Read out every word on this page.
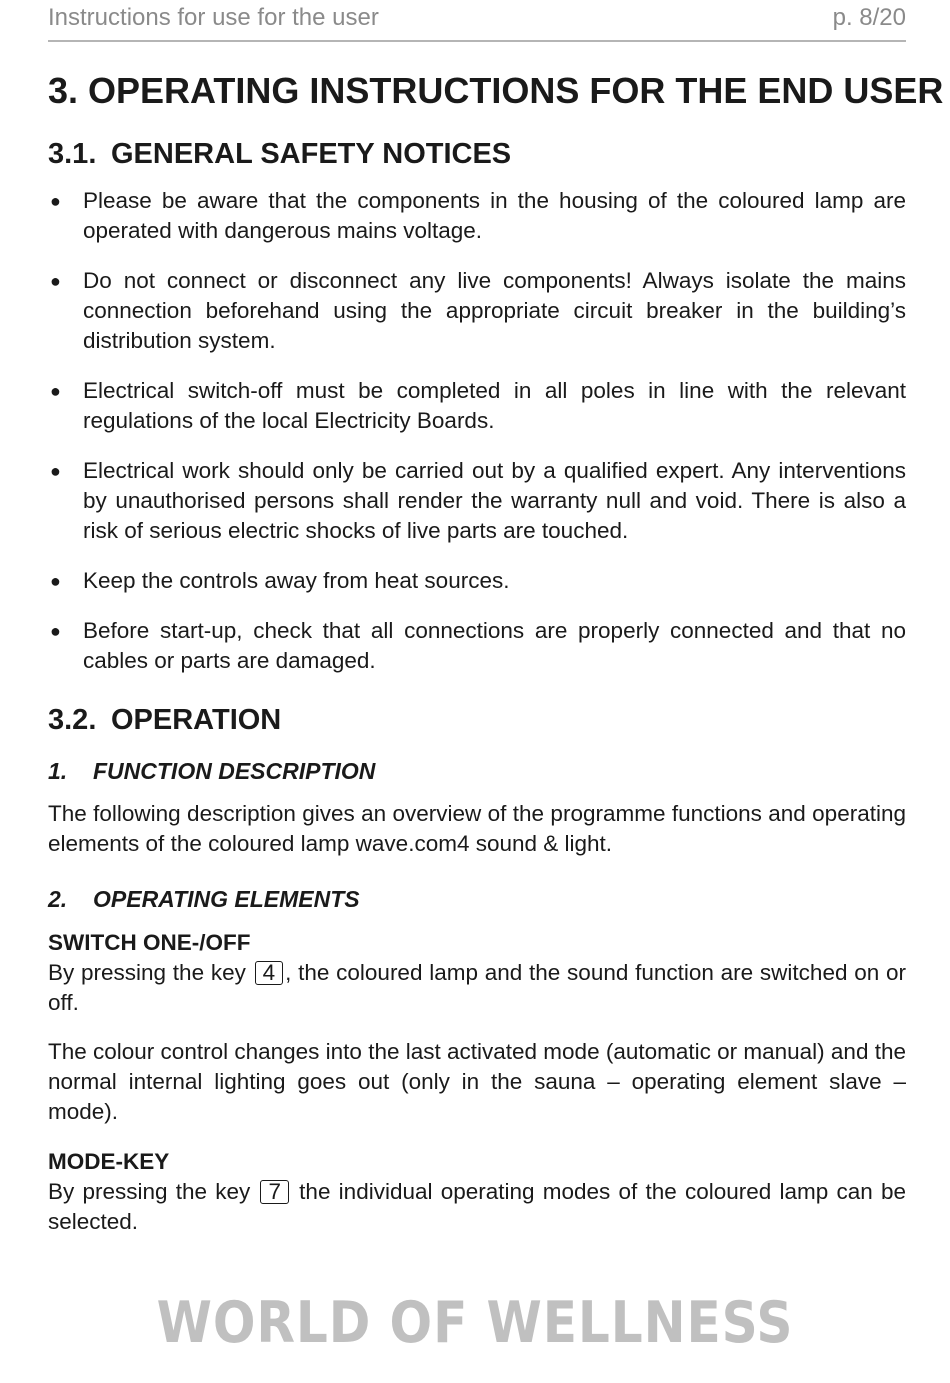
Instructions for use for the user	p. 8/20
3. OPERATING INSTRUCTIONS FOR THE END USER
3.1. GENERAL SAFETY NOTICES
● Please be aware that the components in the housing of the coloured lamp are operated with dangerous mains voltage.
● Do not connect or disconnect any live components! Always isolate the mains connection beforehand using the appropriate circuit breaker in the building’s distribution system.
● Electrical switch-off must be completed in all poles in line with the relevant regulations of the local Electricity Boards.
● Electrical work should only be carried out by a qualified expert. Any interventions by unauthorised persons shall render the warranty null and void. There is also a risk of serious electric shocks of live parts are touched.
● Keep the controls away from heat sources.
● Before start-up, check that all connections are properly connected and that no cables or parts are damaged.
3.2. OPERATION
1. FUNCTION DESCRIPTION
The following description gives an overview of the programme functions and operating elements of the coloured lamp wave.com4 sound & light.
2. OPERATING ELEMENTS
SWITCH ONE-/OFF
By pressing the key 4 , the coloured lamp and the sound function are switched on or off.
The colour control changes into the last activated mode (automatic or manual) and the normal internal lighting goes out (only in the sauna – operating element slave – mode).
MODE-KEY
By pressing the key 7 the individual operating modes of the coloured lamp can be selected.
WORLD OF WELLNESS
